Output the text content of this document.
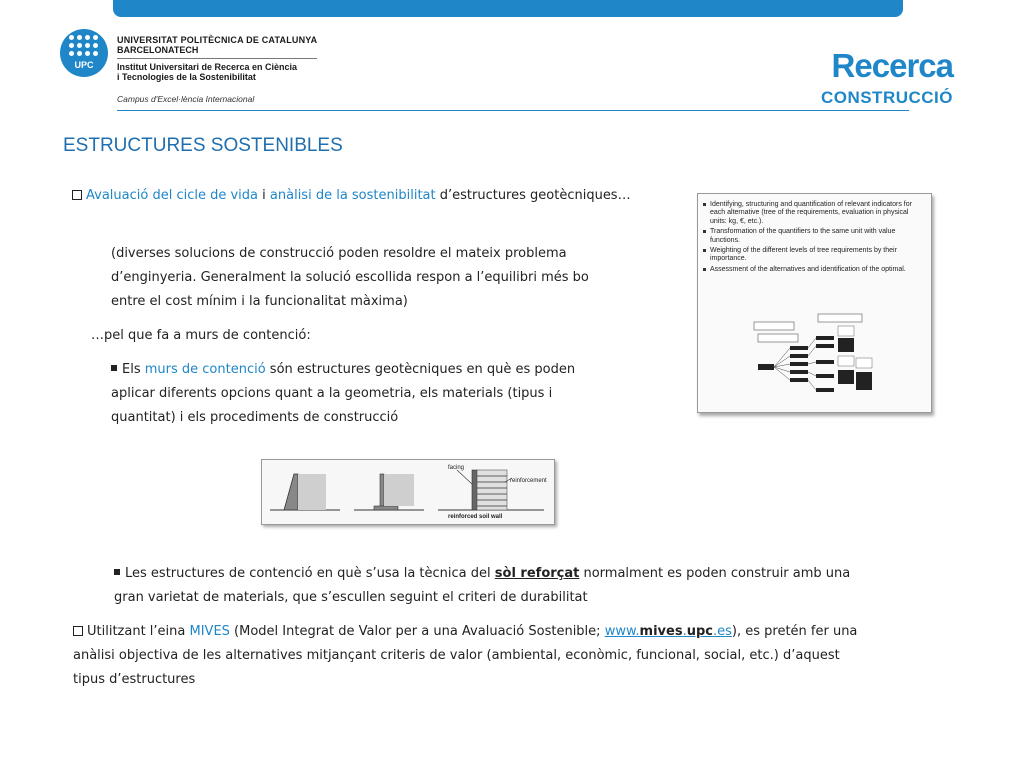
UPC
UNIVERSITAT POLITÈCNICA DE CATALUNYA
BARCELONATECH
Institut Universitari de Recerca en Ciència
i Tecnologies de la Sostenibilitat
Campus d'Excel·lència Internacional
Recerca
CONSTRUCCIÓ
ESTRUCTURES SOSTENIBLES
Avaluació del cicle de vida i anàlisi de la sostenibilitat d’estructures geotècniques…
(diverses solucions de construcció poden resoldre el mateix problema
d’enginyeria. Generalment la solució escollida respon a l’equilibri més bo
entre el cost mínim i la funcionalitat màxima)
…pel que fa a murs de contenció:
Els murs de contenció són estructures geotècniques en què es poden
aplicar diferents opcions quant a la geometria, els materials (tipus i
quantitat) i els procediments de construcció
Identifying, structuring and quantification of relevant indicators for each alternative (tree of the requirements, evaluation in physical units: kg, €, etc.).
Transformation of the quantifiers to the same unit with value functions.
Weighting of the different levels of tree requirements by their importance.
Assessment of the alternatives and identification of the optimal.
facing
reinforcement
reinforced soil wall
Les estructures de contenció en què s’usa la tècnica del sòl reforçat normalment es poden construir amb una
gran varietat de materials, que s’escullen seguint el criteri de durabilitat
Utilitzant l’eina MIVES (Model Integrat de Valor per a una Avaluació Sostenible; www.mives.upc.es), es pretén fer una
anàlisi objectiva de les alternatives mitjançant criteris de valor (ambiental, econòmic, funcional, social, etc.) d’aquest
tipus d’estructures
